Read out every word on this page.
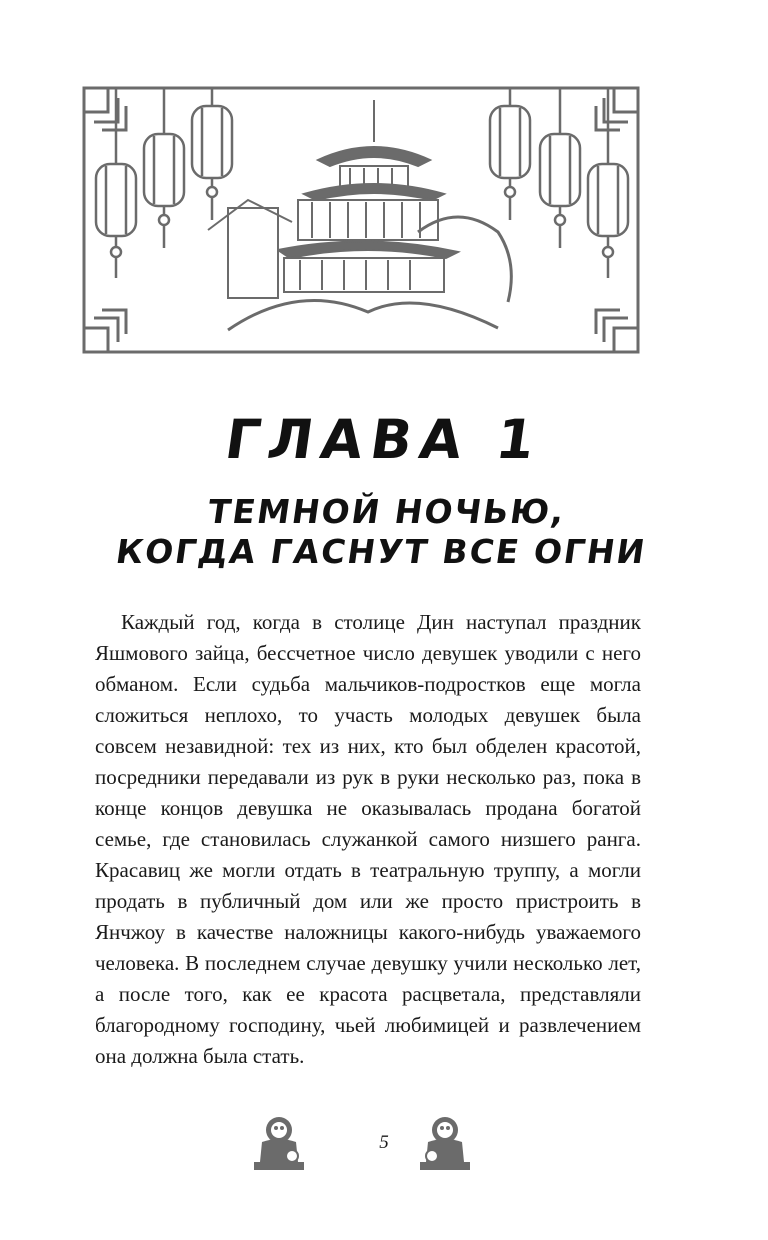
ГЛАВА 1
ТЕМНОЙ НОЧЬЮ,
КОГДА ГАСНУТ ВСЕ ОГНИ

Каждый год, когда в столице Дин наступал праздник Яшмового зайца, бессчетное число девушек уводили с него обманом. Если судьба мальчиков-подростков еще могла сложиться неплохо, то участь молодых девушек была совсем незавидной: тех из них, кто был обделен красотой, посредники передавали из рук в руки несколько раз, пока в конце концов девушка не оказывалась продана богатой семье, где становилась служанкой самого низшего ранга. Красавиц же могли отдать в театральную труппу, а могли продать в публичный дом или же просто пристроить в Янчжоу в качестве наложницы какого-нибудь уважаемого человека. В последнем случае девушку учили несколько лет, а после того, как ее красота расцветала, представляли благородному господину, чьей любимицей и развлечением она должна была стать.

5
